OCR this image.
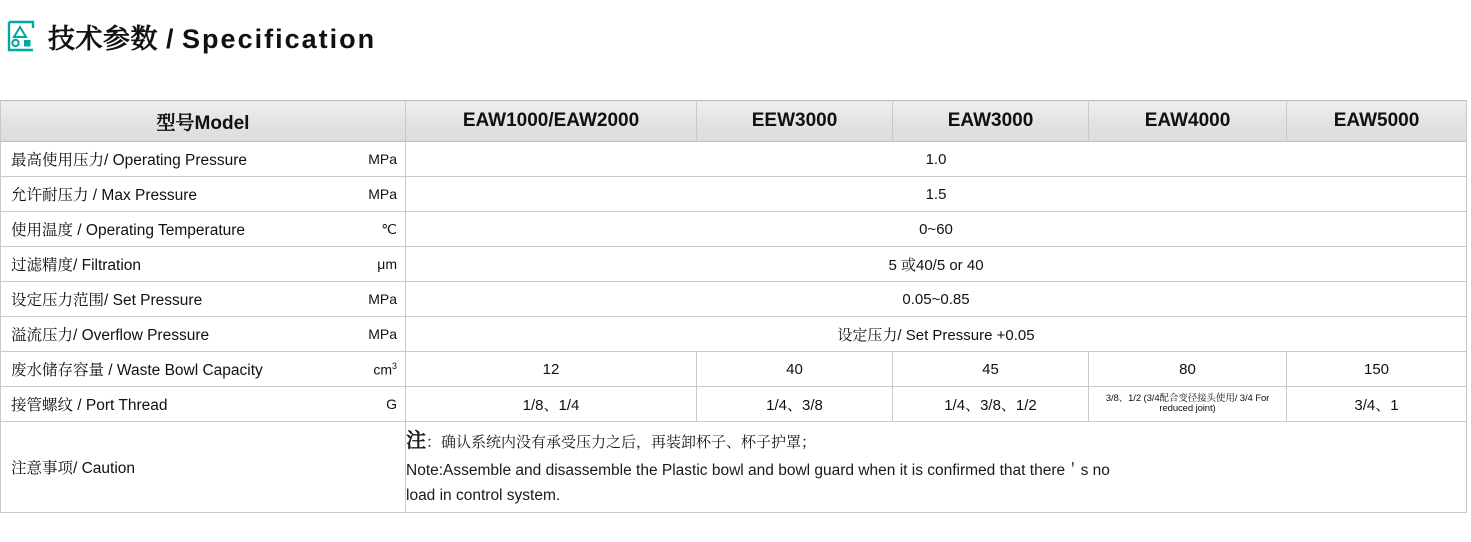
技术参数 / Specification
型号Model	EAW1000/EAW2000	EEW3000	EAW3000	EAW4000	EAW5000

最高使用压力/ Operating Pressure MPa	1.0				

允许耐压力 / Max Pressure MPa	1.5				

使用温度 / Operating Temperature ℃	0~60				

过滤精度/ Filtration μm	5 或40/5 or 40				

设定压力范围/ Set Pressure MPa	0.05~0.85				

溢流压力/ Overflow Pressure MPa	设定压力/ Set Pressure +0.05				

废水储存容量 / Waste Bowl Capacity $cm^3$	12	40	45	80	150

接管螺纹 / Port Thread G	1/8、1/4	1/4、3/8	1/4、3/8、1/2	3/8、1/2 (3/4配合变径接头使用/ 3/4 For reduced joint)	3/4、1

注意事项/ Caution	注：确认系统内没有承受压力之后，再装卸杯子、杯子护罩；
Note:Assemble and disassemble the Plastic bowl and bowl guard when it is confirmed that there＇s no
load in control system.				
